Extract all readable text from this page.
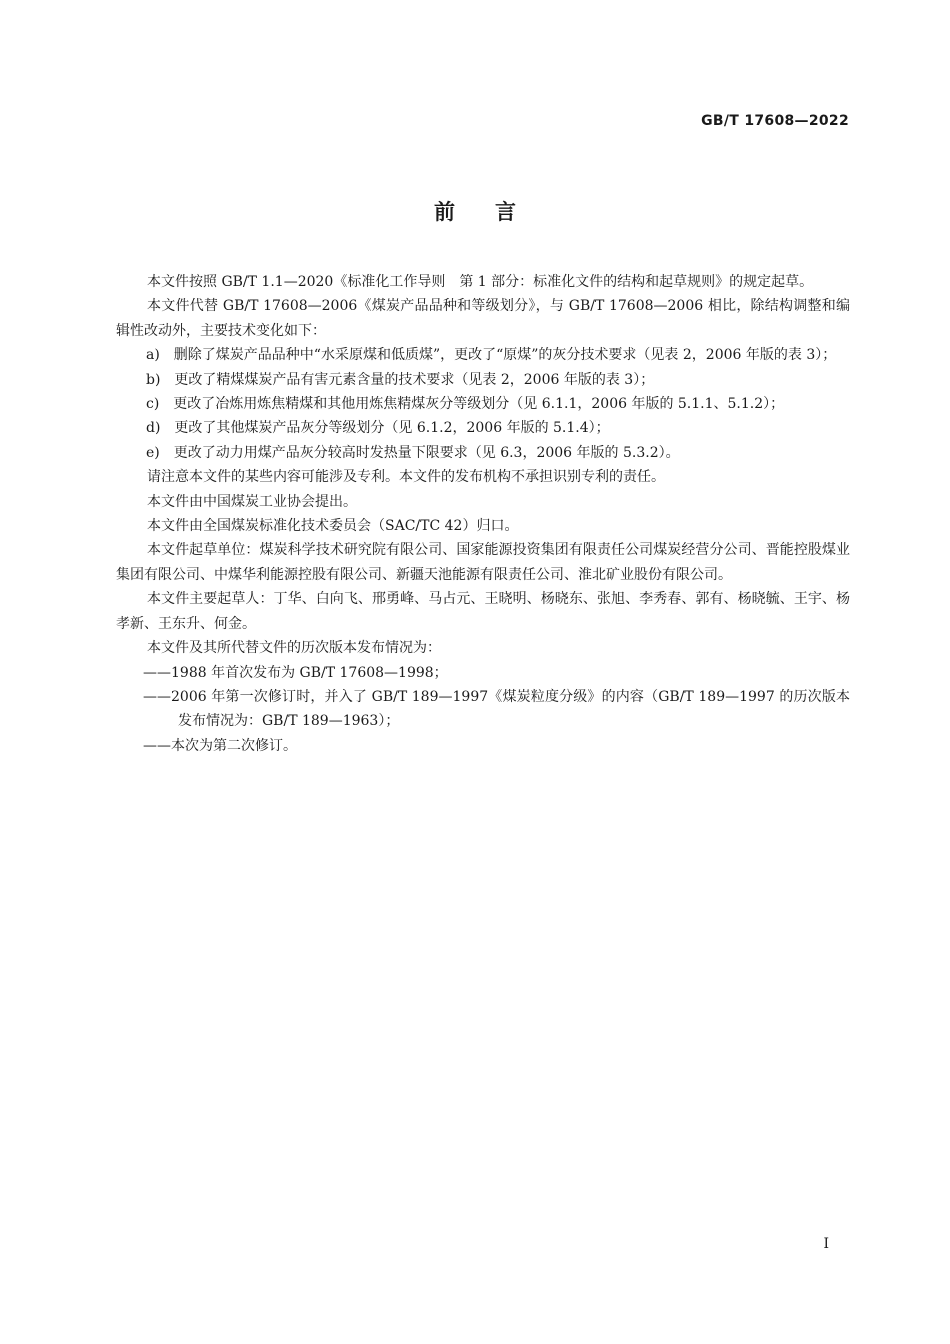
GB/T 17608—2022
前言

本文件按照 GB/T 1.1—2020《标准化工作导则　第 1 部分：标准化文件的结构和起草规则》的规定起草。

本文件代替 GB/T 17608—2006《煤炭产品品种和等级划分》，与 GB/T 17608—2006 相比，除结构调整和编辑性改动外，主要技术变化如下：

a)　删除了煤炭产品品种中“水采原煤和低质煤”，更改了“原煤”的灰分技术要求（见表 2，2006 年版的表 3）；

b)　更改了精煤煤炭产品有害元素含量的技术要求（见表 2，2006 年版的表 3）；

c)　更改了冶炼用炼焦精煤和其他用炼焦精煤灰分等级划分（见 6.1.1，2006 年版的 5.1.1、5.1.2）；

d)　更改了其他煤炭产品灰分等级划分（见 6.1.2，2006 年版的 5.1.4）；

e)　更改了动力用煤产品灰分较高时发热量下限要求（见 6.3，2006 年版的 5.3.2）。

请注意本文件的某些内容可能涉及专利。本文件的发布机构不承担识别专利的责任。

本文件由中国煤炭工业协会提出。

本文件由全国煤炭标准化技术委员会（SAC/TC 42）归口。

本文件起草单位：煤炭科学技术研究院有限公司、国家能源投资集团有限责任公司煤炭经营分公司、晋能控股煤业集团有限公司、中煤华利能源控股有限公司、新疆天池能源有限责任公司、淮北矿业股份有限公司。

本文件主要起草人：丁华、白向飞、邢勇峰、马占元、王晓明、杨晓东、张旭、李秀春、郭有、杨晓毓、王宇、杨孝新、王东升、何金。

本文件及其所代替文件的历次版本发布情况为：

——1988 年首次发布为 GB/T 17608—1998；

——2006 年第一次修订时，并入了 GB/T 189—1997《煤炭粒度分级》的内容（GB/T 189—1997 的历次版本发布情况为：GB/T 189—1963）；

——本次为第二次修订。

I
